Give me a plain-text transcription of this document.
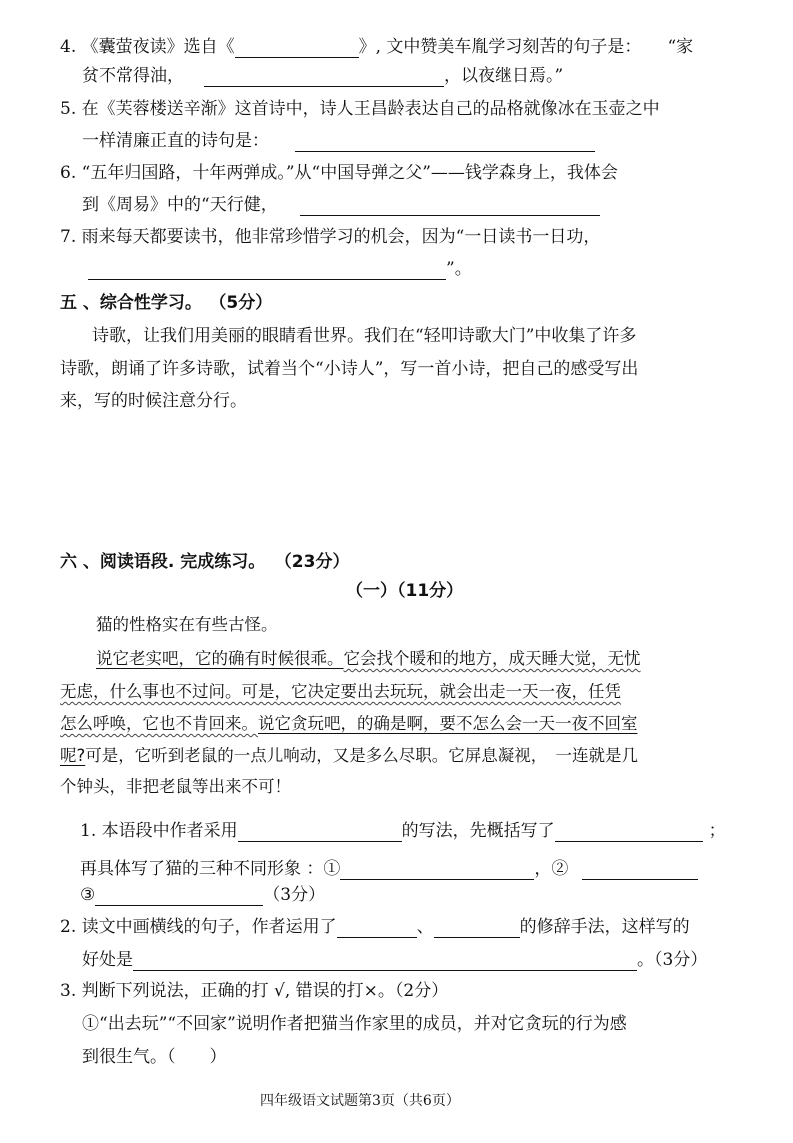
4. 《囊萤夜读》选自《	》, 文中赞美车胤学习刻苦的句子是： “家
贫不常得油，	，以夜继日焉。”
5. 在《芙蓉楼送辛渐》这首诗中，诗人王昌龄表达自己的品格就像冰在玉壶之中
一样清廉正直的诗句是：
6. “五年归国路，十年两弹成。”从“中国导弹之父”——钱学森身上，我体会
到《周易》中的“天行健，
7. 雨来每天都要读书，他非常珍惜学习的机会，因为“一日读书一日功，
”。
五 、综合性学习。 （5分）
诗歌，让我们用美丽的眼睛看世界。我们在“轻叩诗歌大门”中收集了许多
诗歌，朗诵了许多诗歌，试着当个“小诗人”，写一首小诗，把自己的感受写出
来，写的时候注意分行。
六 、阅读语段. 完成练习。 （23分）
（一）（11分）
猫的性格实在有些古怪。
说它老实吧，它的确有时候很乖。它会找个暖和的地方，成天睡大觉，无忧
无虑，什么事也不过问。可是，它决定要出去玩玩，就会出走一天一夜，任凭
怎么呼唤，它也不肯回来。说它贪玩吧，的确是啊，要不怎么会一天一夜不回室
呢?可是，它听到老鼠的一点儿响动，又是多么尽职。它屏息凝视，　一连就是几
个钟头，非把老鼠等出来不可！
1. 本语段中作者采用	的写法，先概括写了	；
再具体写了猫的三种不同形象 ：①	，②
③	（3分）
2. 读文中画横线的句子，作者运用了	、	的修辞手法，这样写的
好处是	。（3分）
3. 判断下列说法，正确的打 √, 错误的打×。（2分）
①“出去玩”“不回家”说明作者把猫当作家里的成员，并对它贪玩的行为感
到很生气。（　　）
四年级语文试题第3页（共6页）
